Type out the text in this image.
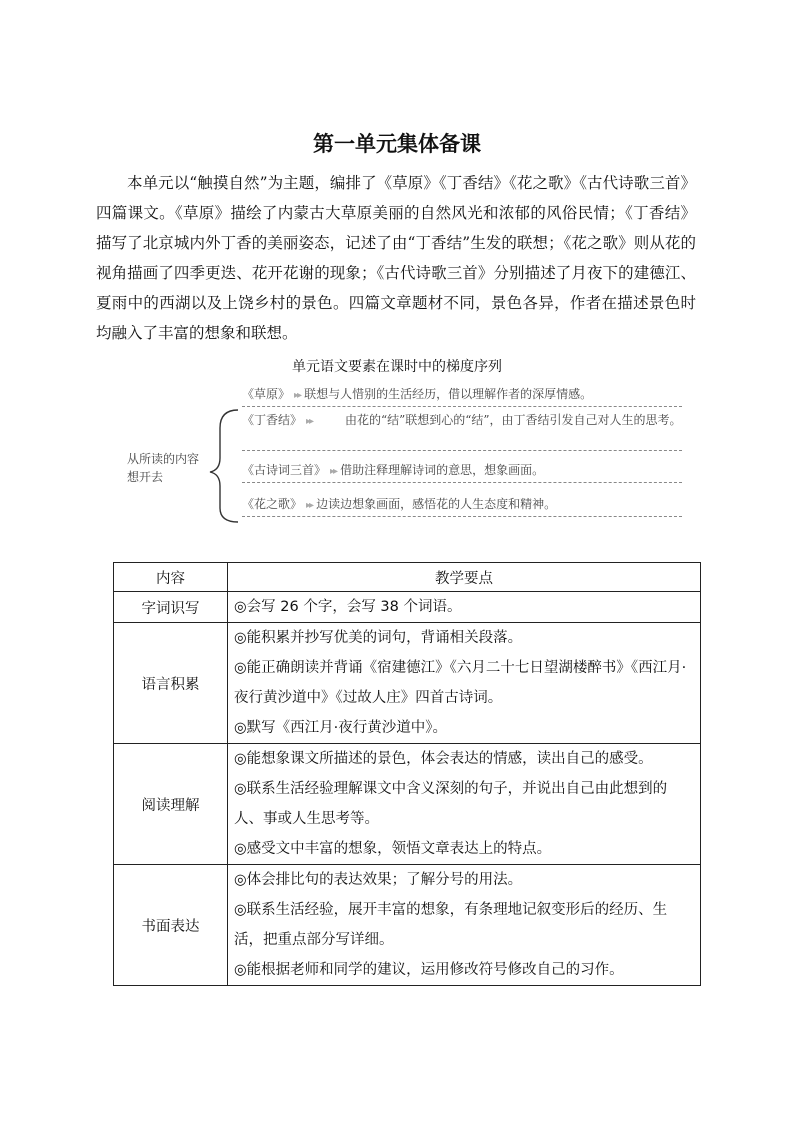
第一单元集体备课
本单元以“触摸自然”为主题，编排了《草原》《丁香结》《花之歌》《古代诗歌三首》四篇课文。《草原》描绘了内蒙古大草原美丽的自然风光和浓郁的风俗民情；《丁香结》描写了北京城内外丁香的美丽姿态，记述了由“丁香结”生发的联想；《花之歌》则从花的视角描画了四季更迭、花开花谢的现象；《古代诗歌三首》分别描述了月夜下的建德江、夏雨中的西湖以及上饶乡村的景色。四篇文章题材不同，景色各异，作者在描述景色时均融入了丰富的想象和联想。
单元语文要素在课时中的梯度序列
从所读的内容想开去
《草原》 ▸▸ 联想与人惜别的生活经历，借以理解作者的深厚情感。
《丁香结》 ▸▸	由花的“结”联想到心的“结”，由丁香结引发自己对人生的思考。
《古诗词三首》 ▸▸ 借助注释理解诗词的意思，想象画面。
《花之歌》 ▸▸ 边读边想象画面，感悟花的人生态度和精神。
内容	教学要点
字词识写	◎会写 26 个字，会写 38 个词语。

语言积累	◎能积累并抄写优美的词句，背诵相关段落。
◎能正确朗读并背诵《宿建德江》《六月二十七日望湖楼醉书》《西江月·夜行黄沙道中》《过故人庄》四首古诗词。
◎默写《西江月·夜行黄沙道中》。

阅读理解	◎能想象课文所描述的景色，体会表达的情感，读出自己的感受。
◎联系生活经验理解课文中含义深刻的句子，并说出自己由此想到的人、事或人生思考等。
◎感受文中丰富的想象，领悟文章表达上的特点。

书面表达	◎体会排比句的表达效果；了解分号的用法。
◎联系生活经验，展开丰富的想象，有条理地记叙变形后的经历、生活，把重点部分写详细。
◎能根据老师和同学的建议，运用修改符号修改自己的习作。
